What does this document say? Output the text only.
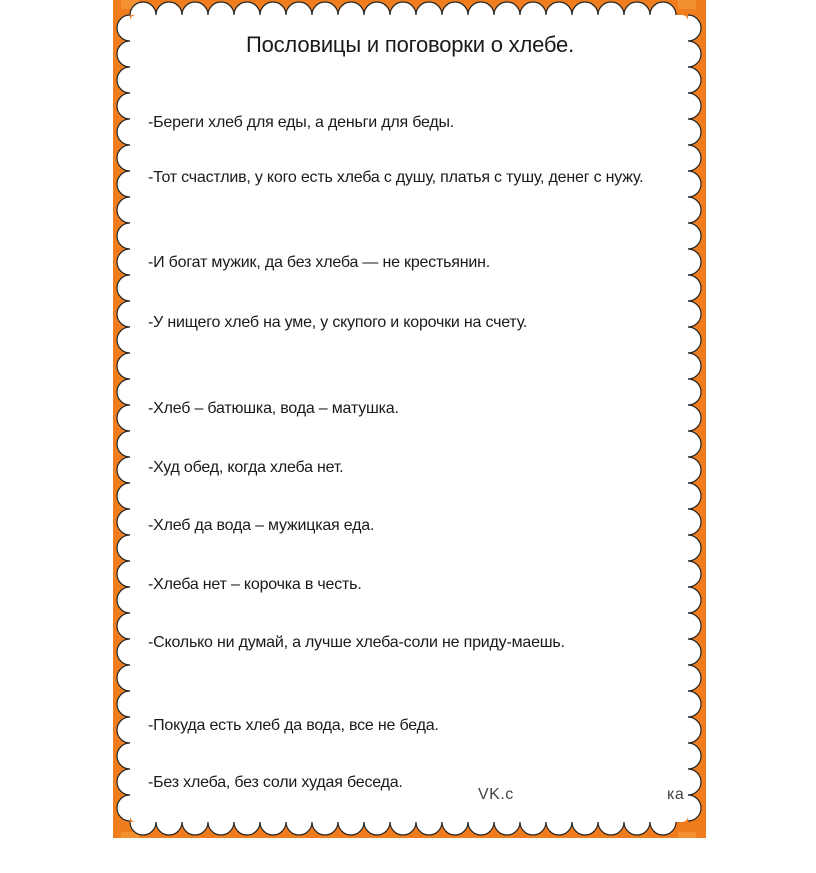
Пословицы и поговорки о хлебе.
-Береги хлеб для еды, а деньги для беды.
-Тот счастлив, у кого есть хлеба с душу, платья с тушу, денег с нужу.
-И богат мужик, да без хлеба — не крестьянин.
-У нищего хлеб на уме, у скупого и корочки на счету.
-Хлеб – батюшка, вода – матушка.
-Худ обед, когда хлеба нет.
-Хлеб да вода – мужицкая еда.
-Хлеба нет – корочка в честь.
-Сколько ни думай, а лучше хлеба-соли не приду-маешь.
-Покуда есть хлеб да вода, все не беда.
-Без хлеба, без соли худая беседа.
VK.c	ка
